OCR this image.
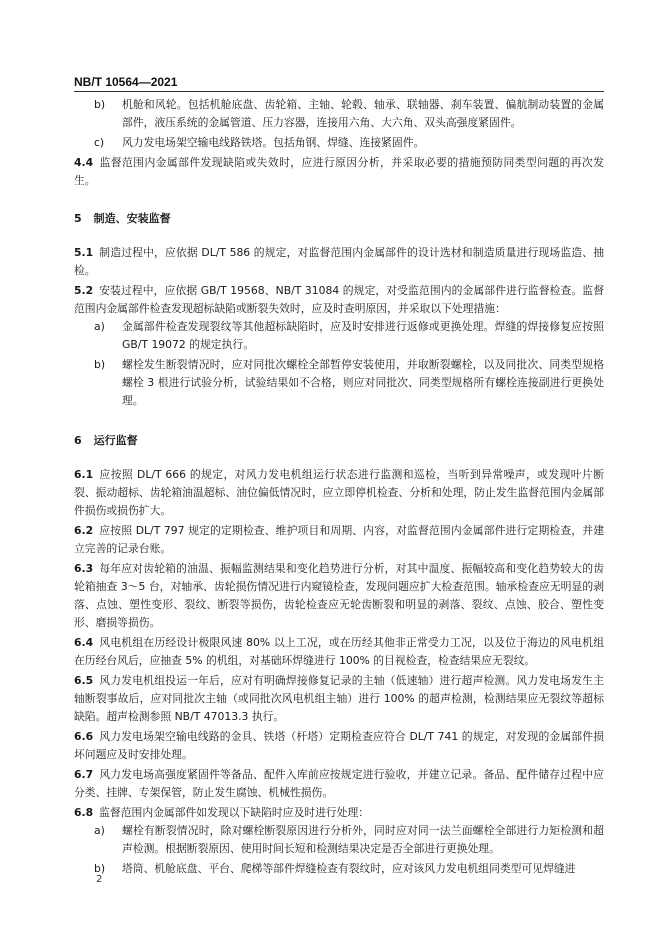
NB/T 10564—2021
b)	机舱和风轮。包括机舱底盘、齿轮箱、主轴、轮毂、轴承、联轴器、刹车装置、偏航制动装置的金属部件，液压系统的金属管道、压力容器，连接用六角、大六角、双头高强度紧固件。
c)	风力发电场架空输电线路铁塔。包括角钢、焊缝、连接紧固件。

4.4 监督范围内金属部件发现缺陷或失效时，应进行原因分析，并采取必要的措施预防同类型问题的再次发生。

5 制造、安装监督

5.1 制造过程中，应依据 DL/T 586 的规定，对监督范围内金属部件的设计选材和制造质量进行现场监造、抽检。

5.2 安装过程中，应依据 GB/T 19568、NB/T 31084 的规定，对受监范围内的金属部件进行监督检查。监督范围内金属部件检查发现超标缺陷或断裂失效时，应及时查明原因，并采取以下处理措施：

a)	金属部件检查发现裂纹等其他超标缺陷时，应及时安排进行返修或更换处理。焊缝的焊接修复应按照 GB/T 19072 的规定执行。
b)	螺栓发生断裂情况时，应对同批次螺栓全部暂停安装使用，并取断裂螺栓，以及同批次、同类型规格螺栓 3 根进行试验分析，试验结果如不合格，则应对同批次、同类型规格所有螺栓连接副进行更换处理。
6 运行监督

6.1 应按照 DL/T 666 的规定，对风力发电机组运行状态进行监测和巡检，当听到异常噪声，或发现叶片断裂、振动超标、齿轮箱油温超标、油位偏低情况时，应立即停机检查、分析和处理，防止发生监督范围内金属部件损伤或损伤扩大。

6.2 应按照 DL/T 797 规定的定期检查、维护项目和周期、内容，对监督范围内金属部件进行定期检查，并建立完善的记录台账。

6.3 每年应对齿轮箱的油温、振幅监测结果和变化趋势进行分析，对其中温度、振幅较高和变化趋势较大的齿轮箱抽查 3～5 台，对轴承、齿轮损伤情况进行内窥镜检查，发现问题应扩大检查范围。轴承检查应无明显的剥落、点蚀、塑性变形、裂纹、断裂等损伤，齿轮检查应无轮齿断裂和明显的剥落、裂纹、点蚀、胶合、塑性变形、磨损等损伤。

6.4 风电机组在历经设计极限风速 80% 以上工况，或在历经其他非正常受力工况，以及位于海边的风电机组在历经台风后，应抽查 5% 的机组，对基础环焊缝进行 100% 的目视检查，检查结果应无裂纹。

6.5 风力发电机组投运一年后，应对有明确焊接修复记录的主轴（低速轴）进行超声检测。风力发电场发生主轴断裂事故后，应对同批次主轴（或同批次风电机组主轴）进行 100% 的超声检测，检测结果应无裂纹等超标缺陷。超声检测参照 NB/T 47013.3 执行。

6.6 风力发电场架空输电线路的金具、铁塔（杆塔）定期检查应符合 DL/T 741 的规定，对发现的金属部件损坏问题应及时安排处理。

6.7 风力发电场高强度紧固件等备品、配件入库前应按规定进行验收，并建立记录。备品、配件储存过程中应分类、挂牌、专架保管，防止发生腐蚀、机械性损伤。

6.8 监督范围内金属部件如发现以下缺陷时应及时进行处理：

a)	螺栓有断裂情况时，除对螺栓断裂原因进行分析外，同时应对同一法兰面螺栓全部进行力矩检测和超声检测。根据断裂原因、使用时间长短和检测结果决定是否全部进行更换处理。
b)	塔筒、机舱底盘、平台、爬梯等部件焊缝检查有裂纹时，应对该风力发电机组同类型可见焊缝进
2
